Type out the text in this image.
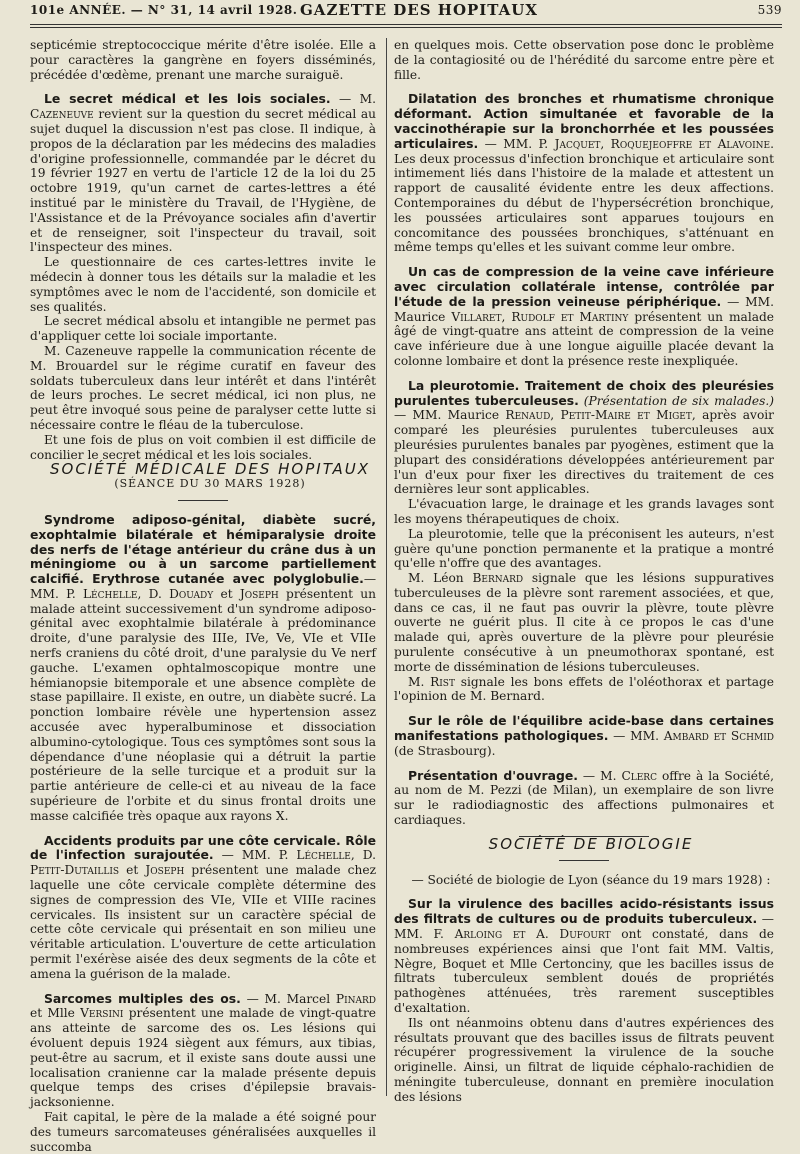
101e ANNÉE. — N° 31, 14 avril 1928. GAZETTE DES HOPITAUX	539

septicémie streptococcique mérite d'être isolée. Elle a pour caractères la gangrène en foyers disséminés, précédée d'œdème, prenant une marche suraiguë.

Le secret médical et les lois sociales. — M. Cazeneuve revient sur la question du secret médical au sujet duquel la discussion n'est pas close. Il indique, à propos de la déclaration par les médecins des maladies d'origine professionnelle, commandée par le décret du 19 février 1927 en vertu de l'article 12 de la loi du 25 octobre 1919, qu'un carnet de cartes-lettres a été institué par le ministère du Travail, de l'Hygiène, de l'Assistance et de la Prévoyance sociales afin d'avertir et de renseigner, soit l'inspecteur du travail, soit l'inspecteur des mines.

Le questionnaire de ces cartes-lettres invite le médecin à donner tous les détails sur la maladie et les symptômes avec le nom de l'accidenté, son domicile et ses qualités.

Le secret médical absolu et intangible ne permet pas d'appliquer cette loi sociale importante.

M. Cazeneuve rappelle la communication récente de M. Brouardel sur le régime curatif en faveur des soldats tuberculeux dans leur intérêt et dans l'intérêt de leurs proches. Le secret médical, ici non plus, ne peut être invoqué sous peine de paralyser cette lutte si nécessaire contre le fléau de la tuberculose.

Et une fois de plus on voit combien il est difficile de concilier le secret médical et les lois sociales.

SOCIÉTÉ MÉDICALE DES HOPITAUX

(SÉANCE DU 30 MARS 1928)

Syndrome adiposo-génital, diabète sucré, exophtalmie bilatérale et hémiparalysie droite des nerfs de l'étage antérieur du crâne dus à un méningiome ou à un sarcome partiellement calcifié. Erythrose cutanée avec polyglobulie.— MM. P. Léchelle, D. Douady et Joseph présentent un malade atteint successivement d'un syndrome adiposo-génital avec exophtalmie bilatérale à prédominance droite, d'une paralysie des IIIe, IVe, Ve, VIe et VIIe nerfs craniens du côté droit, d'une paralysie du Ve nerf gauche. L'examen ophtalmoscopique montre une hémianopsie bitemporale et une absence complète de stase papillaire. Il existe, en outre, un diabète sucré. La ponction lombaire révèle une hypertension assez accusée avec hyperalbuminose et dissociation albumino-cytologique. Tous ces symptômes sont sous la dépendance d'une néoplasie qui a détruit la partie postérieure de la selle turcique et a produit sur la partie antérieure de celle-ci et au niveau de la face supérieure de l'orbite et du sinus frontal droits une masse calcifiée très opaque aux rayons X.

Accidents produits par une côte cervicale. Rôle de l'infection surajoutée. — MM. P. Léchelle, D. Petit-Dutaillis et Joseph présentent une malade chez laquelle une côte cervicale complète détermine des signes de compression des VIe, VIIe et VIIIe racines cervicales. Ils insistent sur un caractère spécial de cette côte cervicale qui présentait en son milieu une véritable articulation. L'ouverture de cette articulation permit l'exérèse aisée des deux segments de la côte et amena la guérison de la malade.

Sarcomes multiples des os. — M. Marcel Pinard et Mlle Versini présentent une malade de vingt-quatre ans atteinte de sarcome des os. Les lésions qui évoluent depuis 1924 siègent aux fémurs, aux tibias, peut-être au sacrum, et il existe sans doute aussi une localisation cranienne car la malade présente depuis quelque temps des crises d'épilepsie bravais-jacksonienne.

Fait capital, le père de la malade a été soigné pour des tumeurs sarcomateuses généralisées auxquelles il succomba

en quelques mois. Cette observation pose donc le problème de la contagiosité ou de l'hérédité du sarcome entre père et fille.

Dilatation des bronches et rhumatisme chronique déformant. Action simultanée et favorable de la vaccinothérapie sur la bronchorrhée et les poussées articulaires. — MM. P. Jacquet, Roquejeoffre et Alavoine. Les deux processus d'infection bronchique et articulaire sont intimement liés dans l'histoire de la malade et attestent un rapport de causalité évidente entre les deux affections. Contemporaines du début de l'hypersécrétion bronchique, les poussées articulaires sont apparues toujours en concomitance des poussées bronchiques, s'atténuant en même temps qu'elles et les suivant comme leur ombre.

Un cas de compression de la veine cave inférieure avec circulation collatérale intense, contrôlée par l'étude de la pression veineuse périphérique. — MM. Maurice Villaret, Rudolf et Martiny présentent un malade âgé de vingt-quatre ans atteint de compression de la veine cave inférieure due à une longue aiguille placée devant la colonne lombaire et dont la présence reste inexpliquée.

La pleurotomie. Traitement de choix des pleurésies purulentes tuberculeuses. (Présentation de six malades.) — MM. Maurice Renaud, Petit-Maire et Miget, après avoir comparé les pleurésies purulentes tuberculeuses aux pleurésies purulentes banales par pyogènes, estiment que la plupart des considérations développées antérieurement par l'un d'eux pour fixer les directives du traitement de ces dernières leur sont applicables.

L'évacuation large, le drainage et les grands lavages sont les moyens thérapeutiques de choix.

La pleurotomie, telle que la préconisent les auteurs, n'est guère qu'une ponction permanente et la pratique a montré qu'elle n'offre que des avantages.

M. Léon Bernard signale que les lésions suppuratives tuberculeuses de la plèvre sont rarement associées, et que, dans ce cas, il ne faut pas ouvrir la plèvre, toute plèvre ouverte ne guérit plus. Il cite à ce propos le cas d'une malade qui, après ouverture de la plèvre pour pleurésie purulente consécutive à un pneumothorax spontané, est morte de dissémination de lésions tuberculeuses.

M. Rist signale les bons effets de l'oléothorax et partage l'opinion de M. Bernard.

Sur le rôle de l'équilibre acide-base dans certaines manifestations pathologiques. — MM. Ambard et Schmid (de Strasbourg).

Présentation d'ouvrage. — M. Clerc offre à la Société, au nom de M. Pezzi (de Milan), un exemplaire de son livre sur le radiodiagnostic des affections pulmonaires et cardiaques.

SOCIÉTÉ DE BIOLOGIE

— Société de biologie de Lyon (séance du 19 mars 1928) :

Sur la virulence des bacilles acido-résistants issus des filtrats de cultures ou de produits tuberculeux. — MM. F. Arloing et A. Dufourt ont constaté, dans de nombreuses expériences ainsi que l'ont fait MM. Valtis, Nègre, Boquet et Mlle Certonciny, que les bacilles issus de filtrats tuberculeux semblent doués de propriétés pathogènes atténuées, très rarement susceptibles d'exaltation.

Ils ont néanmoins obtenu dans d'autres expériences des résultats prouvant que des bacilles issus de filtrats peuvent récupérer progressivement la virulence de la souche originelle. Ainsi, un filtrat de liquide céphalo-rachidien de méningite tuberculeuse, donnant en première inoculation des lésions
